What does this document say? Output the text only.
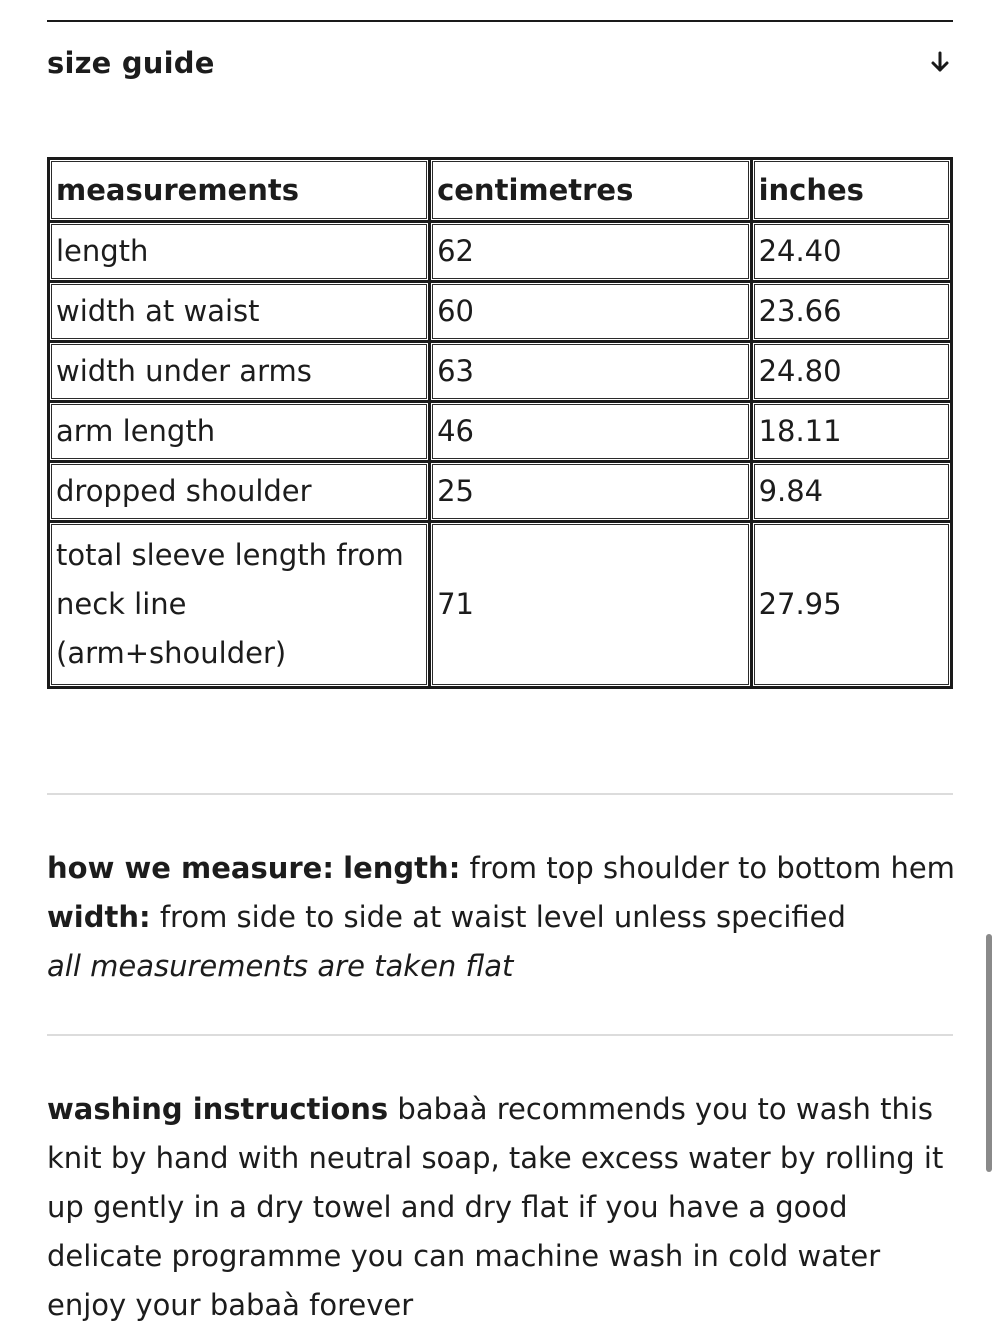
size guide
measurements	centimetres	inches
length	62	24.40
width at waist	60	23.66
width under arms	63	24.80
arm length	46	18.11
dropped shoulder	25	9.84
total sleeve length from
neck line
(arm+shoulder)	71	27.95

how we measure: length: from top shoulder to bottom hem width: from side to side at waist level unless specified
all measurements are taken flat

washing instructions babaà recommends you to wash this knit by hand with neutral soap, take excess water by rolling it up gently in a dry towel and dry flat if you have a good delicate programme you can machine wash in cold water enjoy your babaà forever
